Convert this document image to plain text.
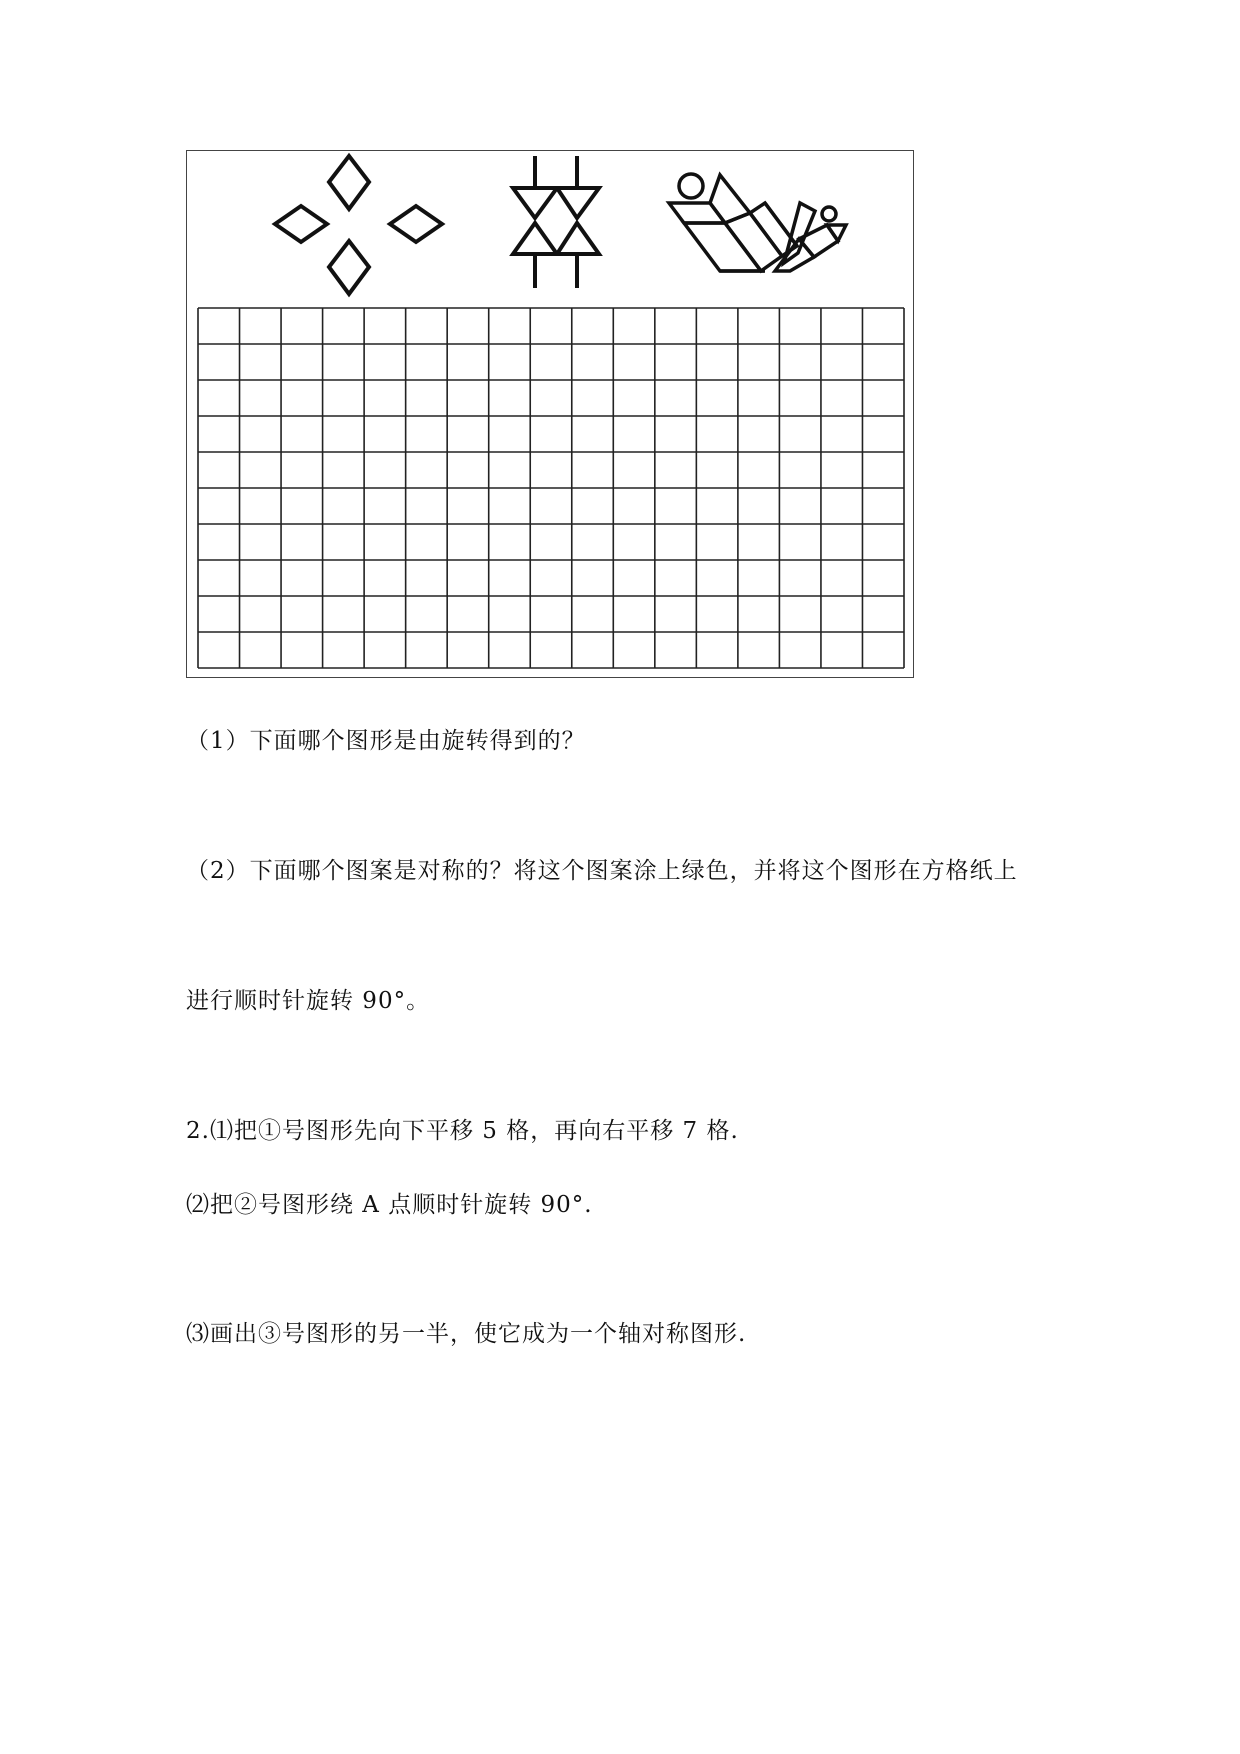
（1）下面哪个图形是由旋转得到的？
（2）下面哪个图案是对称的？将这个图案涂上绿色，并将这个图形在方格纸上
进行顺时针旋转 90°。
2.⑴把①号图形先向下平移 5 格，再向右平移 7 格.
⑵把②号图形绕 A 点顺时针旋转 90°.
⑶画出③号图形的另一半，使它成为一个轴对称图形.
